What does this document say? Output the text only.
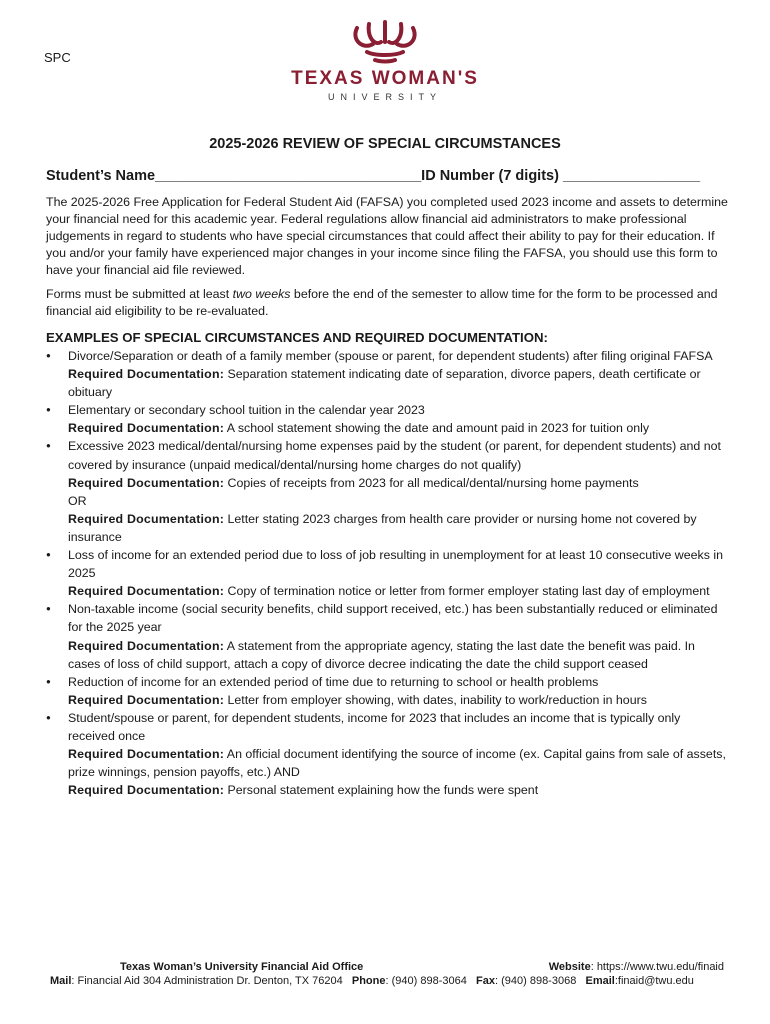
SPC
TEXAS WOMAN'S
UNIVERSITY
2025-2026 REVIEW OF SPECIAL CIRCUMSTANCES
Student’s Name_________________________________ID Number (7 digits) _________________
The 2025-2026 Free Application for Federal Student Aid (FAFSA) you completed used 2023 income and assets to determine your financial need for this academic year. Federal regulations allow financial aid administrators to make professional judgements in regard to students who have special circumstances that could affect their ability to pay for their education. If you and/or your family have experienced major changes in your income since filing the FAFSA, you should use this form to have your financial aid file reviewed.
Forms must be submitted at least two weeks before the end of the semester to allow time for the form to be processed and financial aid eligibility to be re-evaluated.
EXAMPLES OF SPECIAL CIRCUMSTANCES AND REQUIRED DOCUMENTATION:
● Divorce/Separation or death of a family member (spouse or parent, for dependent students) after filing original FAFSA
Required Documentation: Separation statement indicating date of separation, divorce papers, death certificate or obituary
● Elementary or secondary school tuition in the calendar year 2023
Required Documentation: A school statement showing the date and amount paid in 2023 for tuition only
● Excessive 2023 medical/dental/nursing home expenses paid by the student (or parent, for dependent students) and not covered by insurance (unpaid medical/dental/nursing home charges do not qualify)
Required Documentation: Copies of receipts from 2023 for all medical/dental/nursing home payments
OR
Required Documentation: Letter stating 2023 charges from health care provider or nursing home not covered by insurance
● Loss of income for an extended period due to loss of job resulting in unemployment for at least 10 consecutive weeks in 2025
Required Documentation: Copy of termination notice or letter from former employer stating last day of employment
● Non-taxable income (social security benefits, child support received, etc.) has been substantially reduced or eliminated for the 2025 year
Required Documentation: A statement from the appropriate agency, stating the last date the benefit was paid. In cases of loss of child support, attach a copy of divorce decree indicating the date the child support ceased
● Reduction of income for an extended period of time due to returning to school or health problems
Required Documentation: Letter from employer showing, with dates, inability to work/reduction in hours
● Student/spouse or parent, for dependent students, income for 2023 that includes an income that is typically only received once
Required Documentation: An official document identifying the source of income (ex. Capital gains from sale of assets, prize winnings, pension payoffs, etc.) AND
Required Documentation: Personal statement explaining how the funds were spent
Texas Woman’s University Financial Aid Office	Website: https://www.twu.edu/finaid
Mail: Financial Aid 304 Administration Dr. Denton, TX 76204 Phone: (940) 898-3064 Fax: (940) 898-3068 Email:finaid@twu.edu
